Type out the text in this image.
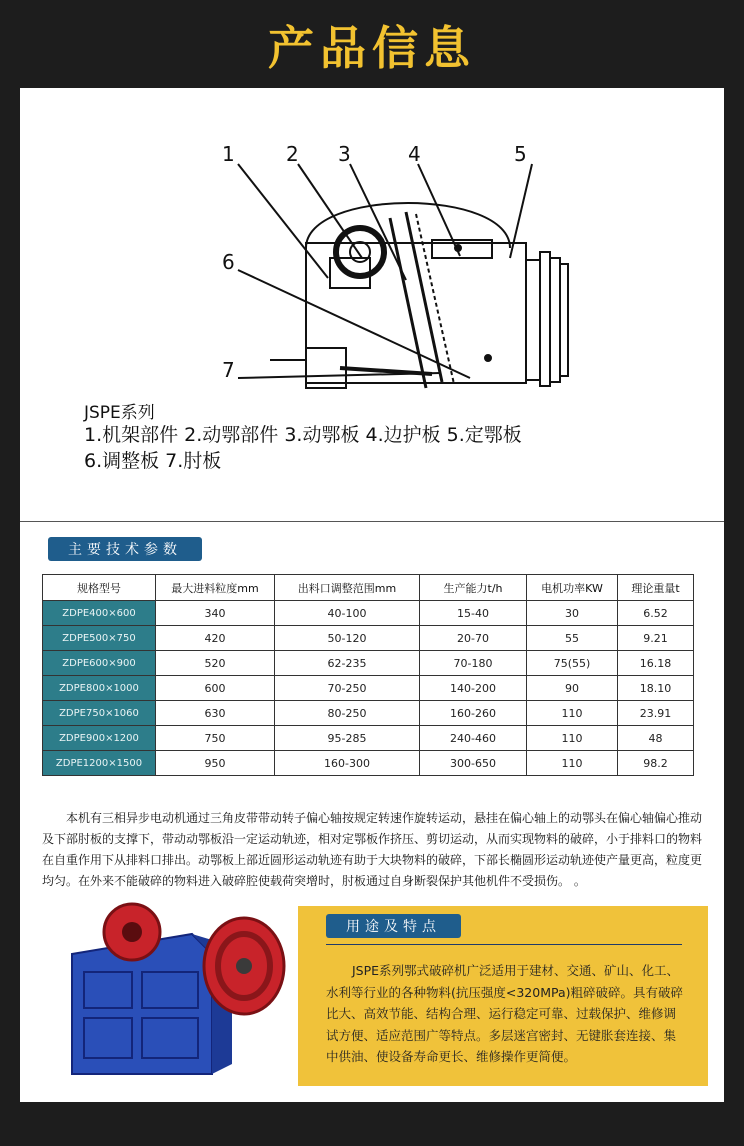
产品信息
1	2 3	4	5
6
7
JSPE系列
1.机架部件 2.动鄂部件 3.动鄂板 4.边护板 5.定鄂板
6.调整板 7.肘板
主要技术参数
规格型号	最大进料粒度mm	出料口调整范围mm	生产能力t/h	电机功率KW	理论重量t
ZDPE400×600	340	40-100	15-40	30	6.52
ZDPE500×750	420	50-120	20-70	55	9.21
ZDPE600×900	520	62-235	70-180	75(55)	16.18
ZDPE800×1000	600	70-250	140-200	90	18.10
ZDPE750×1060	630	80-250	160-260	110	23.91
ZDPE900×1200	750	95-285	240-460	110	48
ZDPE1200×1500	950	160-300	300-650	110	98.2
本机有三相异步电动机通过三角皮带带动转子偏心轴按规定转速作旋转运动，悬挂在偏心轴上的动鄂头在偏心轴偏心推动及下部肘板的支撑下，带动动鄂板沿一定运动轨迹，相对定鄂板作挤压、剪切运动，从而实现物料的破碎，小于排料口的物料在自重作用下从排料口排出。动鄂板上部近圆形运动轨迹有助于大块物料的破碎，下部长椭圆形运动轨迹使产量更高，粒度更均匀。在外来不能破碎的物料进入破碎腔使载荷突增时，肘板通过自身断裂保护其他机件不受损伤。 。
用途及特点
JSPE系列鄂式破碎机广泛适用于建材、交通、矿山、化工、水利等行业的各种物料(抗压强度<320MPa)粗碎破碎。具有破碎比大、高效节能、结构合理、运行稳定可靠、过载保护、维修调试方便、适应范围广等特点。多层迷宫密封、无键胀套连接、集中供油、使设备寿命更长、维修操作更简便。
